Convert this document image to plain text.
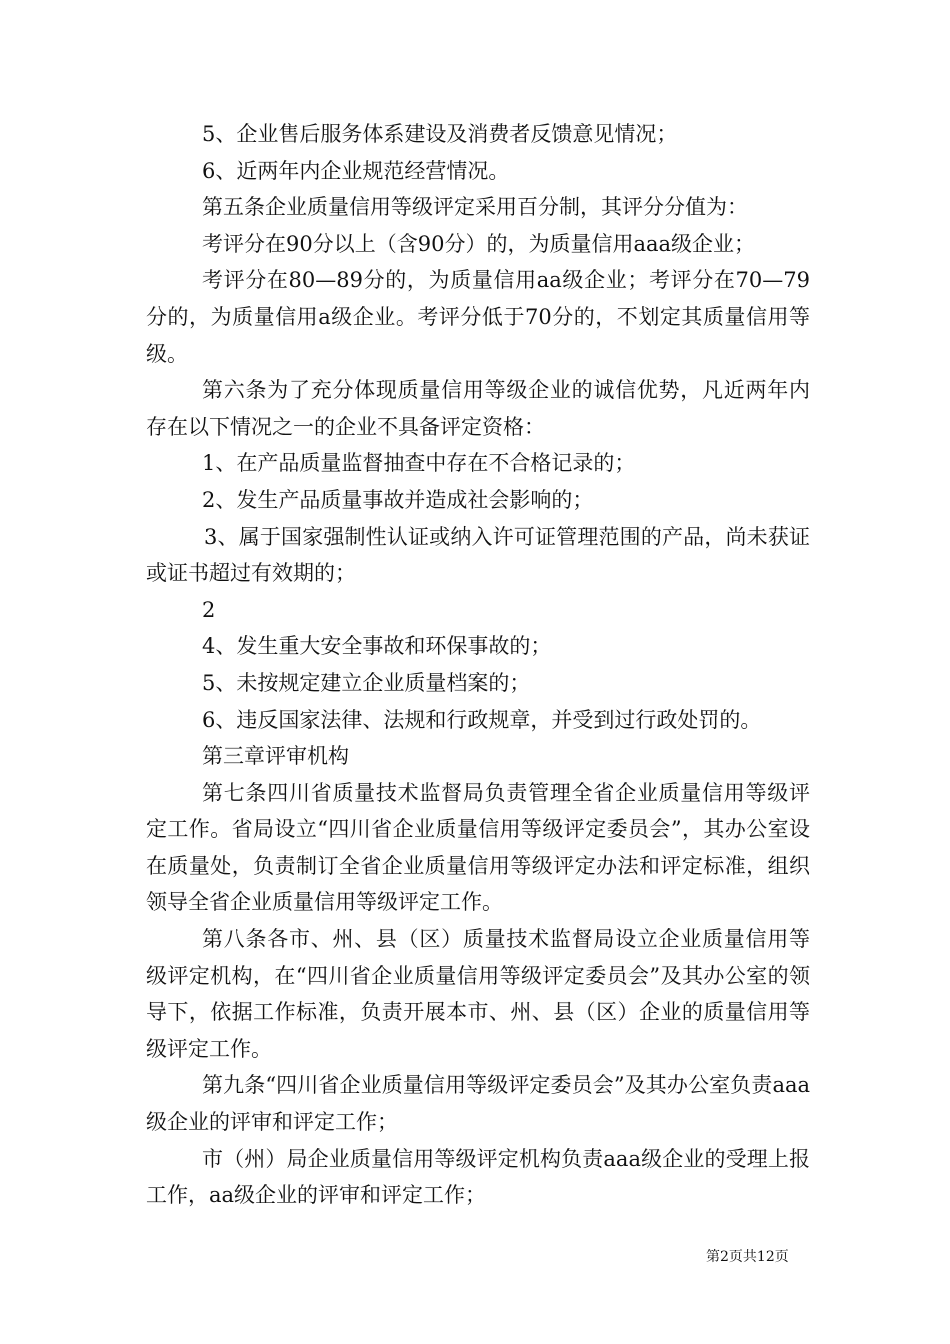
5、企业售后服务体系建设及消费者反馈意见情况；

6、近两年内企业规范经营情况。

第五条企业质量信用等级评定采用百分制，其评分分值为：

考评分在90分以上（含90分）的，为质量信用aaa级企业；

考评分在80—89分的，为质量信用aa级企业；考评分在70—79分的，为质量信用a级企业。考评分低于70分的，不划定其质量信用等级。

第六条为了充分体现质量信用等级企业的诚信优势，凡近两年内存在以下情况之一的企业不具备评定资格：

1、在产品质量监督抽查中存在不合格记录的；

2、发生产品质量事故并造成社会影响的；

3、属于国家强制性认证或纳入许可证管理范围的产品，尚未获证或证书超过有效期的；

2

4、发生重大安全事故和环保事故的；

5、未按规定建立企业质量档案的；

6、违反国家法律、法规和行政规章，并受到过行政处罚的。

第三章评审机构

第七条四川省质量技术监督局负责管理全省企业质量信用等级评定工作。省局设立“四川省企业质量信用等级评定委员会”，其办公室设在质量处，负责制订全省企业质量信用等级评定办法和评定标准，组织领导全省企业质量信用等级评定工作。

第八条各市、州、县（区）质量技术监督局设立企业质量信用等级评定机构，在“四川省企业质量信用等级评定委员会”及其办公室的领导下，依据工作标准，负责开展本市、州、县（区）企业的质量信用等级评定工作。

第九条“四川省企业质量信用等级评定委员会”及其办公室负责aaa级企业的评审和评定工作；

市（州）局企业质量信用等级评定机构负责aaa级企业的受理上报工作，aa级企业的评审和评定工作；

第2页共12页
